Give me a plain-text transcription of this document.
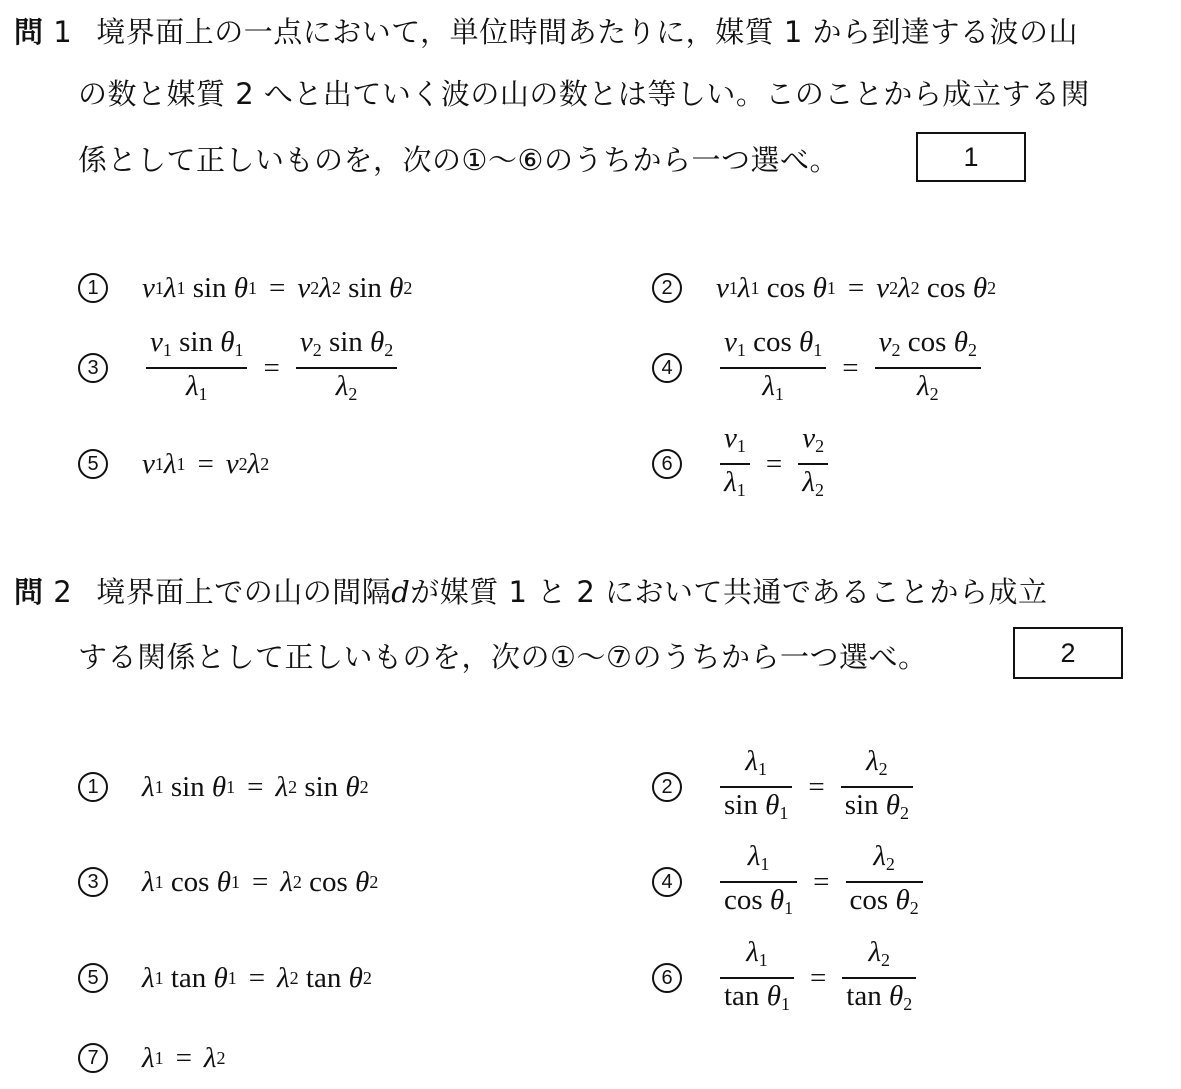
問 1 境界面上の一点において，単位時間あたりに，媒質 1 から到達する波の山
の数と媒質 2 へと出ていく波の山の数とは等しい。このことから成立する関
係として正しいものを，次の①～⑥のうちから一つ選べ。	1
1	v 1 λ 1 sin θ 1 = v 2 λ 2 sin θ 2	2	v 1 λ 1 cos θ 1 = v 2 λ 2 cos θ 2
3	$\frac{v_1 \sin \theta_1}{\lambda_1} = \frac{v_2 \sin \theta_2}{\lambda_2}$	4	$\frac{v_1 \cos \theta_1}{\lambda_1} = \frac{v_2 \cos \theta_2}{\lambda_2}$
5	v 1 λ 1 = v 2 λ 2	6	$\frac{v_1}{\lambda_1} = \frac{v_2}{\lambda_2}$
問 2 境界面上での山の間隔dが媒質 1 と 2 において共通であることから成立
する関係として正しいものを，次の①～⑦のうちから一つ選べ。	2
1	λ 1 sin θ 1 = λ 2 sin θ 2	2	$\frac{\lambda_1}{\sin \theta_1} = \frac{\lambda_2}{\sin \theta_2}$
3	λ 1 cos θ 1 = λ 2 cos θ 2	4	$\frac{\lambda_1}{\cos \theta_1} = \frac{\lambda_2}{\cos \theta_2}$
5	λ 1 tan θ 1 = λ 2 tan θ 2	6	$\frac{\lambda_1}{\tan \theta_1} = \frac{\lambda_2}{\tan \theta_2}$
7	λ 1 = λ 2
